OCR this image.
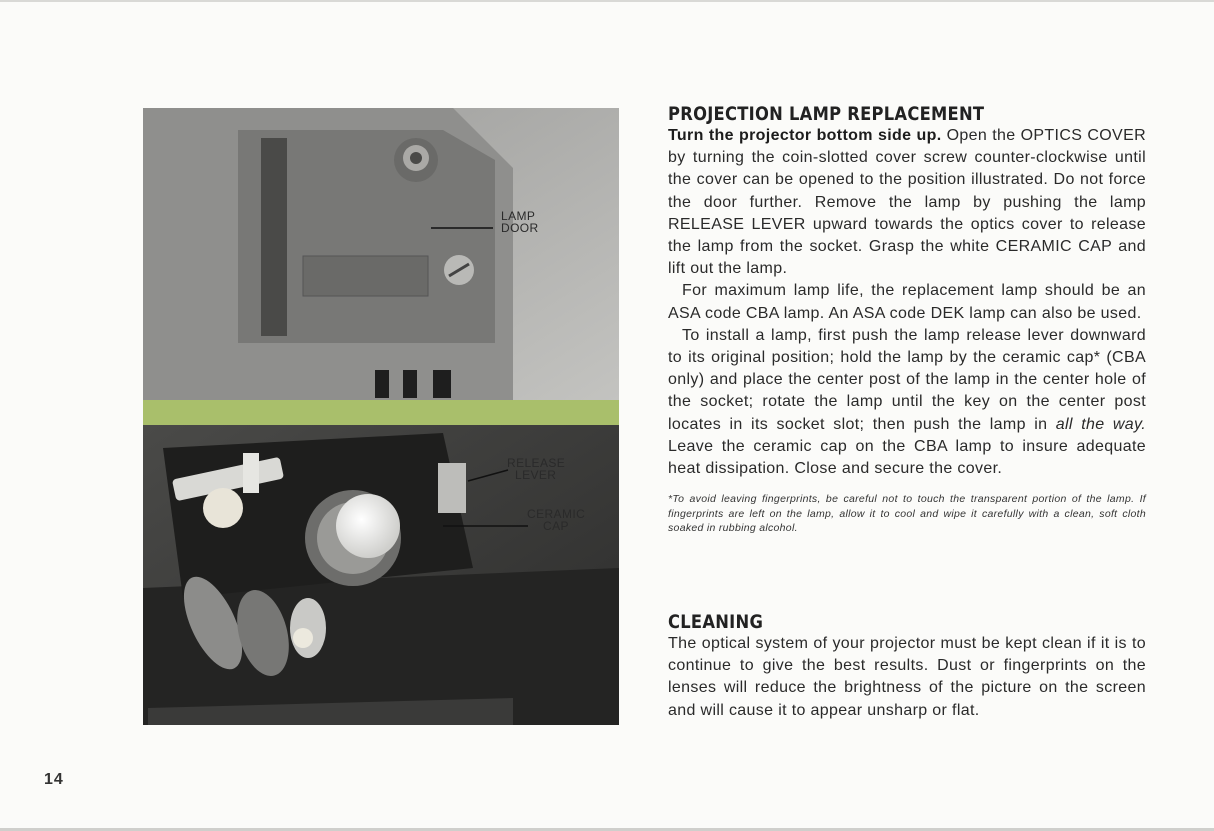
LAMP
DOOR
RELEASE
LEVER
CERAMIC
CAP
PROJECTION LAMP REPLACEMENT

Turn the projector bottom side up. Open the OPTICS COVER by turning the coin-slotted cover screw counter-clockwise until the cover can be opened to the position illustrated. Do not force the door further. Remove the lamp by pushing the lamp RELEASE LEVER upward towards the optics cover to release the lamp from the socket. Grasp the white CERAMIC CAP and lift out the lamp.

For maximum lamp life, the replacement lamp should be an ASA code CBA lamp. An ASA code DEK lamp can also be used.

To install a lamp, first push the lamp release lever downward to its original position; hold the lamp by the ceramic cap* (CBA only) and place the center post of the lamp in the center hole of the socket; rotate the lamp until the key on the center post locates in its socket slot; then push the lamp in all the way. Leave the ceramic cap on the CBA lamp to insure adequate heat dissipation. Close and secure the cover.

*To avoid leaving fingerprints, be careful not to touch the transparent portion of the lamp. If fingerprints are left on the lamp, allow it to cool and wipe it carefully with a clean, soft cloth soaked in rubbing alcohol.

CLEANING

The optical system of your projector must be kept clean if it is to continue to give the best results. Dust or fingerprints on the lenses will reduce the brightness of the picture on the screen and will cause it to appear unsharp or flat.

14
